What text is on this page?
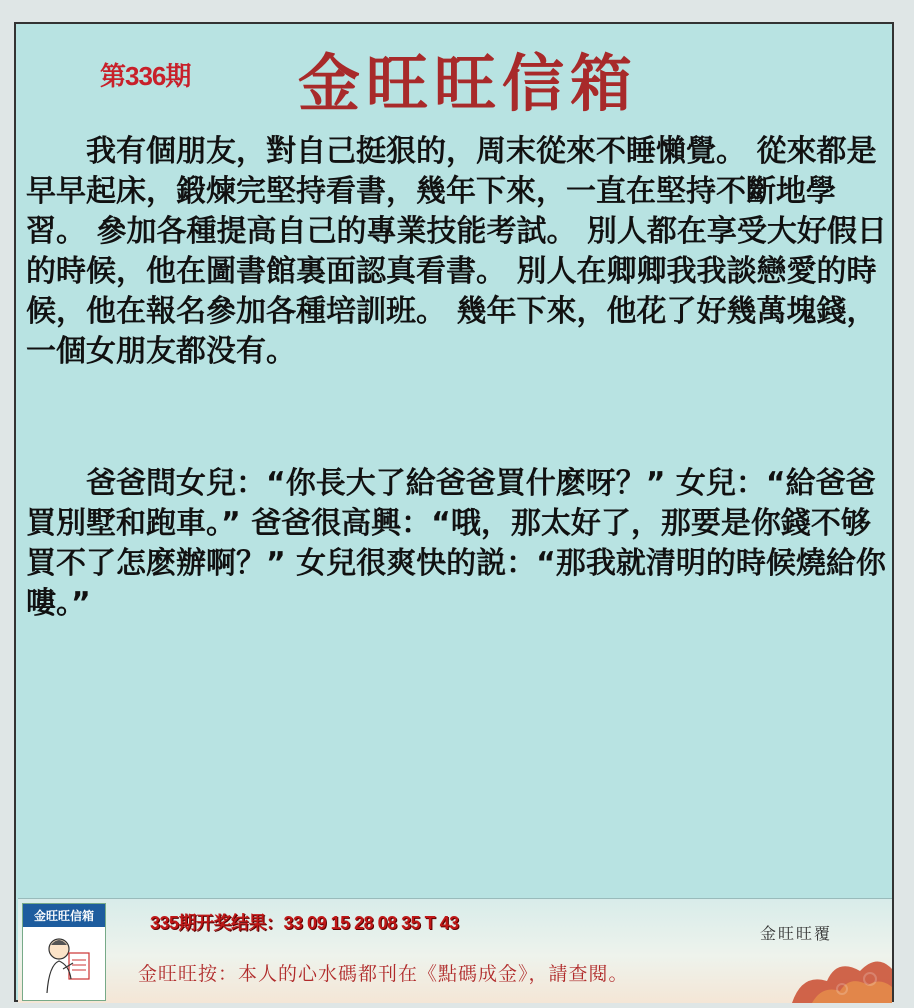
第336期 金旺旺信箱
我有個朋友，對自己挺狠的，周末從來不睡懶覺。 從來都是早早起床，鍛煉完堅持看書，幾年下來，一直在堅持不斷地學習。 參加各種提高自己的專業技能考試。 別人都在享受大好假日的時候，他在圖書館裏面認真看書。 別人在卿卿我我談戀愛的時候，他在報名參加各種培訓班。 幾年下來，他花了好幾萬塊錢，一個女朋友都没有。
爸爸問女兒：“你長大了給爸爸買什麽呀？” 女兒：“給爸爸買別墅和跑車。” 爸爸很高興：“哦，那太好了，那要是你錢不够買不了怎麽辦啊？” 女兒很爽快的説：“那我就清明的時候燒給你嘍。”
金旺旺信箱	335期开奖结果：33 09 15 28 08 35 T 43
金旺旺覆
金旺旺按：本人的心水碼都刊在《點碼成金》，請查閱。
